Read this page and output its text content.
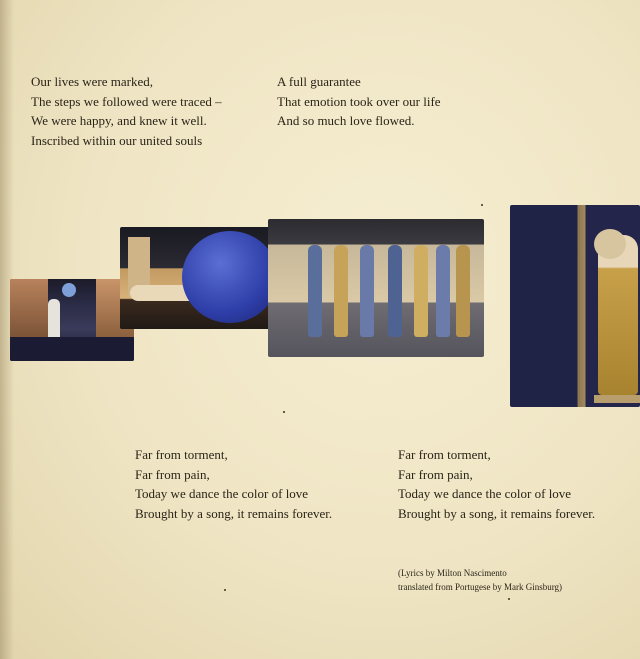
Our lives were marked,
The steps we followed were traced –
We were happy, and knew it well.
Inscribed within our united souls
A full guarantee
That emotion took over our life
And so much love flowed.
Far from torment,
Far from pain,
Today we dance the color of love
Brought by a song, it remains forever.
Far from torment,
Far from pain,
Today we dance the color of love
Brought by a song, it remains forever.
(Lyrics by Milton Nascimento
translated from Portugese by Mark Ginsburg)
